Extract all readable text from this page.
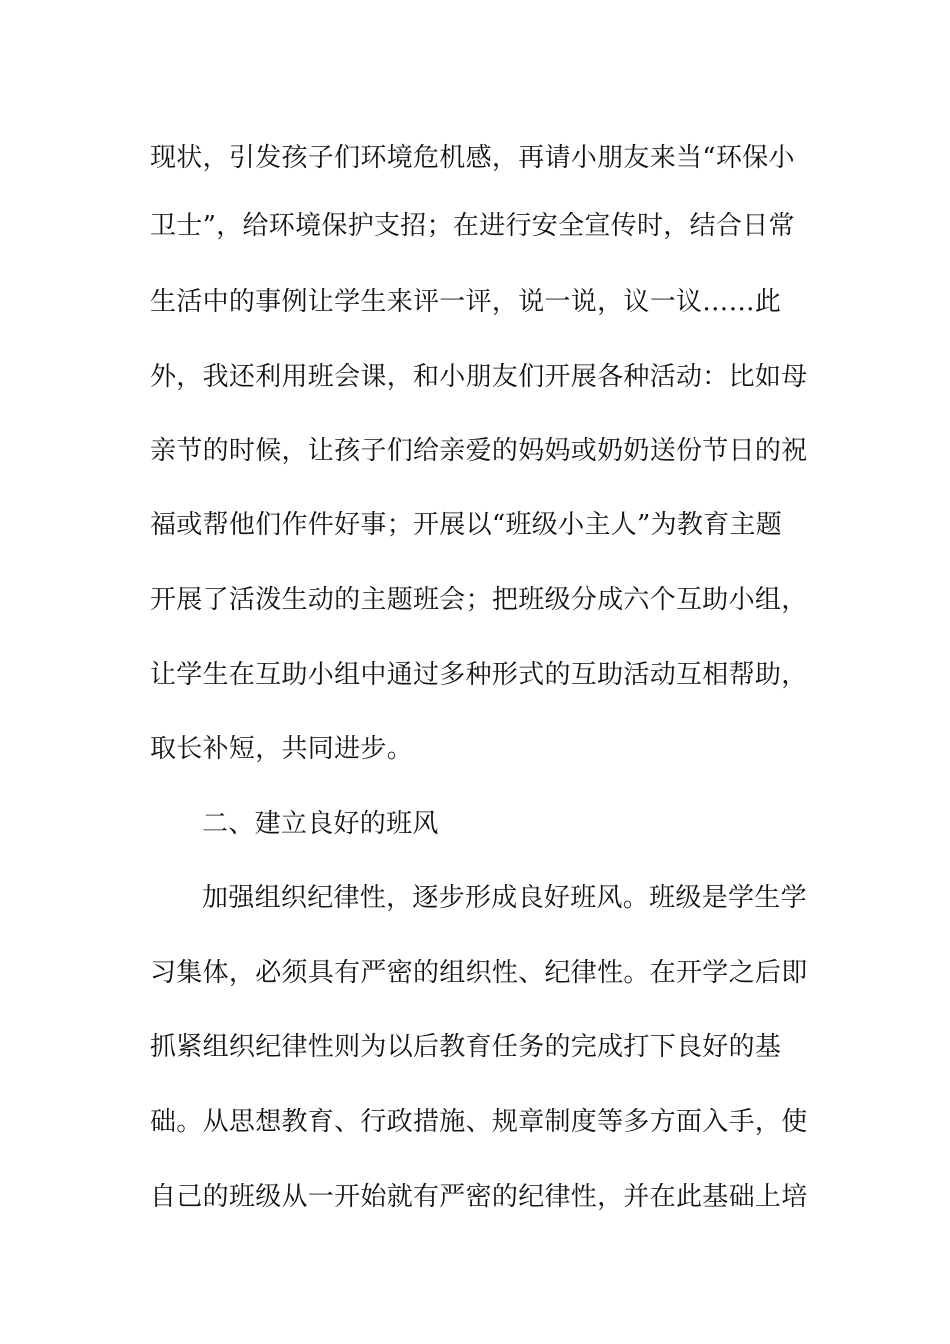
现状，引发孩子们环境危机感，再请小朋友来当“环保小

卫士”，给环境保护支招；在进行安全宣传时，结合日常

生活中的事例让学生来评一评，说一说，议一议……此

外，我还利用班会课，和小朋友们开展各种活动：比如母

亲节的时候，让孩子们给亲爱的妈妈或奶奶送份节日的祝

福或帮他们作件好事；开展以“班级小主人”为教育主题

开展了活泼生动的主题班会；把班级分成六个互助小组，

让学生在互助小组中通过多种形式的互助活动互相帮助，

取长补短，共同进步。

二、建立良好的班风

加强组织纪律性，逐步形成良好班风。班级是学生学

习集体，必须具有严密的组织性、纪律性。在开学之后即

抓紧组织纪律性则为以后教育任务的完成打下良好的基

础。从思想教育、行政措施、规章制度等多方面入手，使

自己的班级从一开始就有严密的纪律性，并在此基础上培
